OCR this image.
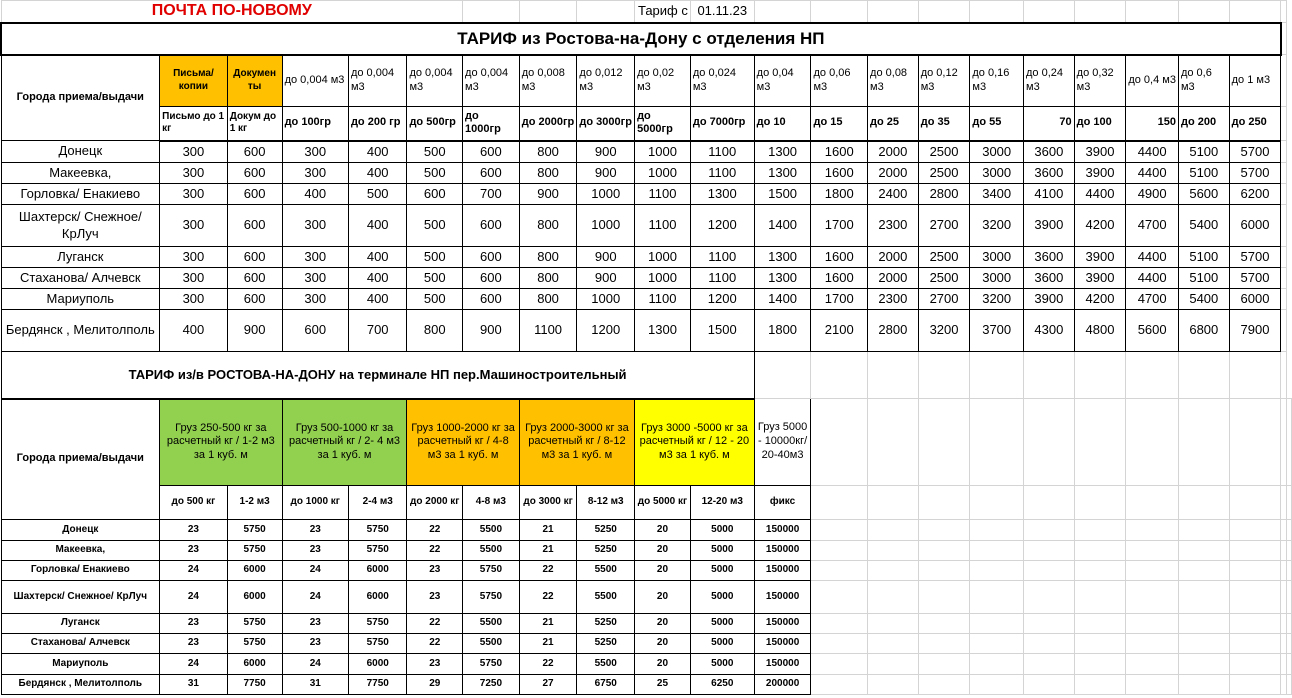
ПОЧТА ПО-НОВОМУ									Тариф с	01.11.23												
ТАРИФ из Ростова-на-Дону с отделения НП																						
Города приема/выдачи	Письма/ копии	Докумен ты	до 0,004 м3	до 0,004 м3	до 0,004 м3	до 0,004 м3	до 0,008 м3	до 0,012 м3	до 0,02 м3	до 0,024 м3	до 0,04 м3	до 0,06 м3	до 0,08 м3	до 0,12 м3	до 0,16 м3	до 0,24 м3	до 0,32 м3	до 0,4 м3	до 0,6 м3	до 1 м3		
	Письмо до 1 кг	Докум до 1 кг	до 100гр	до 200 гр	до 500гр	до 1000гр	до 2000гр	до 3000гр	до 5000гр	до 7000гр	до 10	до 15	до 25	до 35	до 55	70	до 100	150	до 200	до 250		
Донецк	300	600	300	400	500	600	800	900	1000	1100	1300	1600	2000	2500	3000	3600	3900	4400	5100	5700		
Макеевка,	300	600	300	400	500	600	800	900	1000	1100	1300	1600	2000	2500	3000	3600	3900	4400	5100	5700		
Горловка/ Енакиево	300	600	400	500	600	700	900	1000	1100	1300	1500	1800	2400	2800	3400	4100	4400	4900	5600	6200		
Шахтерск/ Снежное/ КрЛуч	300	600	300	400	500	600	800	1000	1100	1200	1400	1700	2300	2700	3200	3900	4200	4700	5400	6000		
Луганск	300	600	300	400	500	600	800	900	1000	1100	1300	1600	2000	2500	3000	3600	3900	4400	5100	5700		
Стаханова/ Алчевск	300	600	300	400	500	600	800	900	1000	1100	1300	1600	2000	2500	3000	3600	3900	4400	5100	5700		
Мариуполь	300	600	300	400	500	600	800	1000	1100	1200	1400	1700	2300	2700	3200	3900	4200	4700	5400	6000		
Бердянск , Мелитолполь	400	900	600	700	800	900	1100	1200	1300	1500	1800	2100	2800	3200	3700	4300	4800	5600	6800	7900		
ТАРИФ из/в РОСТОВА-НА-ДОНУ на терминале НП пер.Машиностроительный																						
Города приема/выдачи	Груз 250-500 кг за расчетный кг / 1-2 м3 за 1 куб. м		Груз 500-1000 кг за расчетный кг / 2- 4 м3 за 1 куб. м		Груз 1000-2000 кг за расчетный кг / 4-8 м3 за 1 куб. м		Груз 2000-3000 кг за расчетный кг / 8-12 м3 за 1 куб. м		Груз 3000 -5000 кг за расчетный кг / 12 - 20 м3 за 1 куб. м		Груз 5000 - 10000кг/ 20-40м3											
	до 500 кг	1-2 м3	до 1000 кг	2-4 м3	до 2000 кг	4-8 м3	до 3000 кг	8-12 м3	до 5000 кг	12-20 м3	фикс											
Донецк	23	5750	23	5750	22	5500	21	5250	20	5000	150000											
Макеевка,	23	5750	23	5750	22	5500	21	5250	20	5000	150000											
Горловка/ Енакиево	24	6000	24	6000	23	5750	22	5500	20	5000	150000											
Шахтерск/ Снежное/ КрЛуч	24	6000	24	6000	23	5750	22	5500	20	5000	150000											
Луганск	23	5750	23	5750	22	5500	21	5250	20	5000	150000											
Стаханова/ Алчевск	23	5750	23	5750	22	5500	21	5250	20	5000	150000											
Мариуполь	24	6000	24	6000	23	5750	22	5500	20	5000	150000											
Бердянск , Мелитолполь	31	7750	31	7750	29	7250	27	6750	25	6250	200000											
